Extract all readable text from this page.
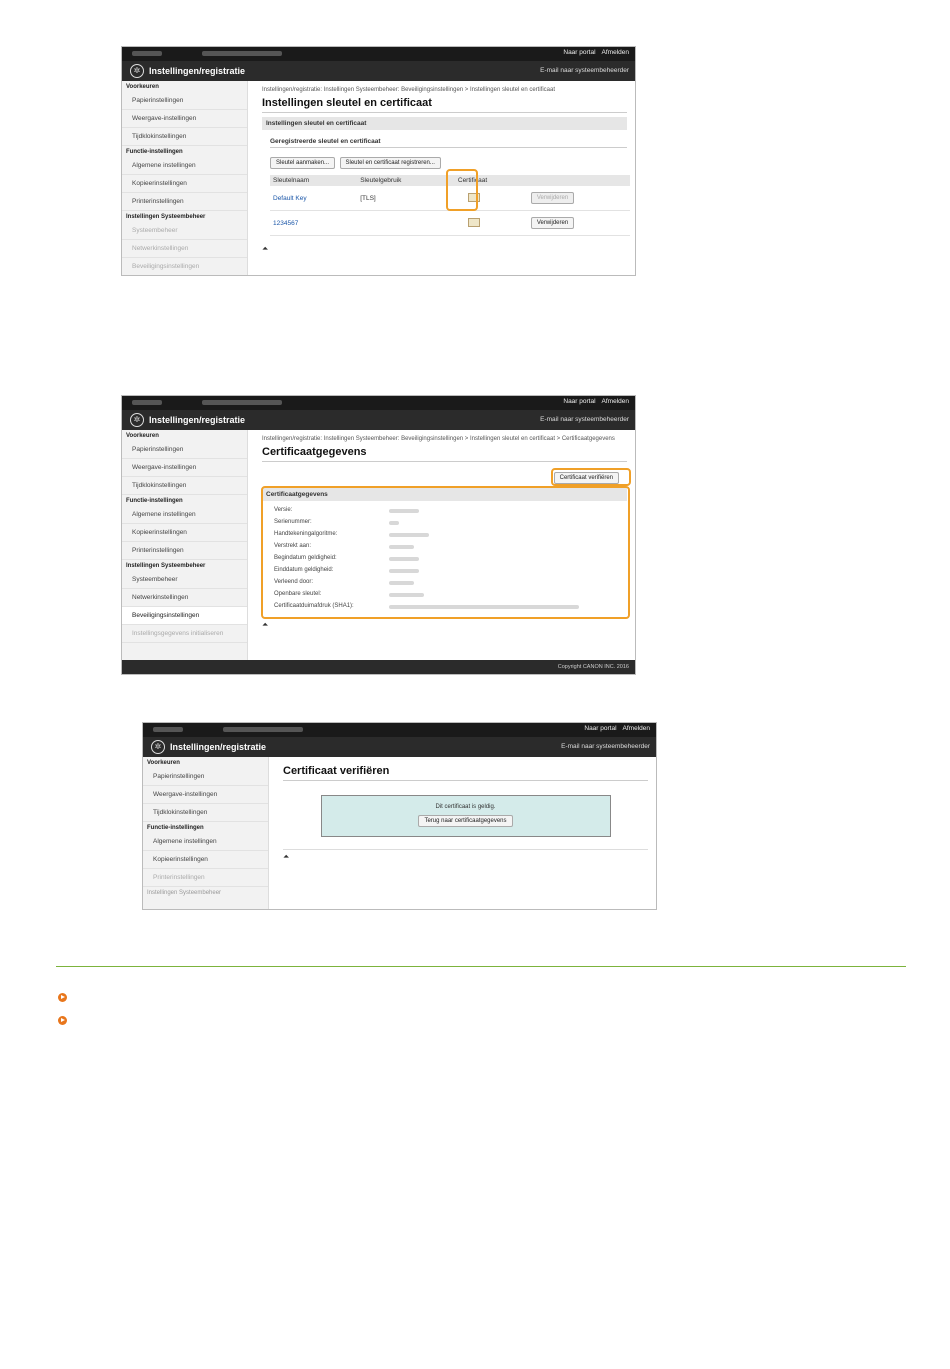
Naar portal Afmelden
✲ Instellingen/registratie	E-mail naar systeembeheerder
Voorkeuren
Papierinstellingen
Weergave-instellingen
Tijdklokinstellingen
Functie-instellingen
Algemene instellingen
Kopieerinstellingen
Printerinstellingen
Instellingen Systeembeheer
Systeembeheer
Netwerkinstellingen
Beveiligingsinstellingen
Instellingen/registratie: Instellingen Systeembeheer: Beveiligingsinstellingen > Instellingen sleutel en certificaat
Instellingen sleutel en certificaat
Instellingen sleutel en certificaat
Geregistreerde sleutel en certificaat
Sleutel aanmaken...	Sleutel en certificaat registreren...
Sleutelnaam	Sleutelgebruik	Certificaat	
Default Key	[TLS]		Verwijderen
1234567			Verwijderen
⏶
Naar portal Afmelden
✲ Instellingen/registratie	E-mail naar systeembeheerder
Voorkeuren
Papierinstellingen
Weergave-instellingen
Tijdklokinstellingen
Functie-instellingen
Algemene instellingen
Kopieerinstellingen
Printerinstellingen
Instellingen Systeembeheer
Systeembeheer
Netwerkinstellingen
Beveiligingsinstellingen
Instellingsgegevens initialiseren
Instellingen/registratie: Instellingen Systeembeheer: Beveiligingsinstellingen > Instellingen sleutel en certificaat > Certificaatgegevens
Certificaatgegevens
Certificaat verifiëren
Certificaatgegevens
Versie:
Serienummer:
Handtekeningalgoritme:
Verstrekt aan:
Begindatum geldigheid:
Einddatum geldigheid:
Verleend door:
Openbare sleutel:
Certificaatduimafdruk (SHA1):
⏶
Copyright CANON INC. 2016
Naar portal Afmelden
✲ Instellingen/registratie	E-mail naar systeembeheerder
Voorkeuren
Papierinstellingen
Weergave-instellingen
Tijdklokinstellingen
Functie-instellingen
Algemene instellingen
Kopieerinstellingen
Printerinstellingen
Instellingen Systeembeheer
Certificaat verifiëren
Dit certificaat is geldig.
Terug naar certificaatgegevens
⏶
